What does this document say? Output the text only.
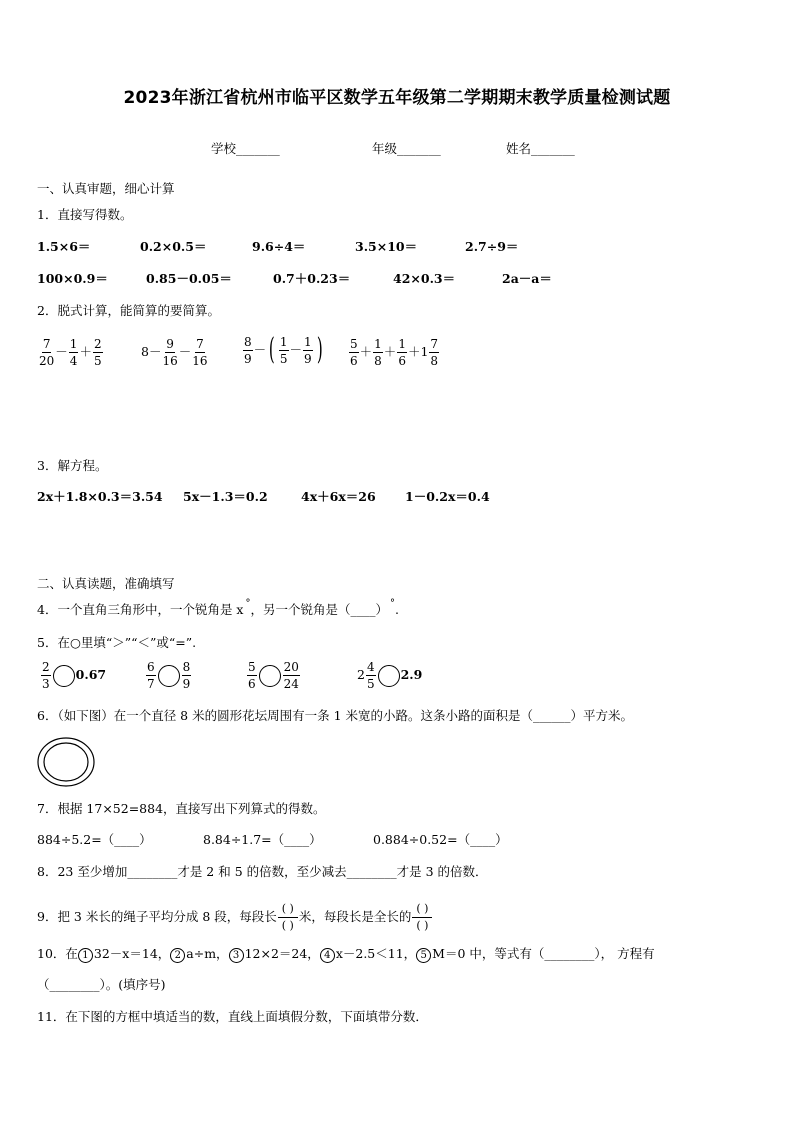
2023年浙江省杭州市临平区数学五年级第二学期期末教学质量检测试题
学校_______	年级_______	姓名_______
一、认真审题，细心计算
1．直接写得数。
1.5×6＝	0.2×0.5＝	9.6÷4＝	3.5×10＝	2.7÷9＝
100×0.9＝	0.85－0.05＝	0.7＋0.23＝	42×0.3＝	2a－a＝
2．脱式计算，能简算的要简算。
$\frac{7}{20} - \frac{1}{4} + \frac{2}{5}$	$8- \frac{9}{16} - \frac{7}{16}$	$\frac{8}{9}$ － ( $\frac{1}{5} - \frac{1}{9}$ ) $\frac{5}{6} + \frac{1}{8} + \frac{1}{6} +1 \frac{7}{8}$
3．解方程。
2x＋1.8×0.3＝3.54 5x－1.3＝0.2	4x＋6x＝26 1－0.2x＝0.4
二、认真读题，准确填写
4．一个直角三角形中，一个锐角是 x °，另一个锐角是（____） °.
5．在○里填“＞”“＜”或“=”.
$\frac{2}{3} 0.67$	$\frac{6}{7} \frac{8}{9}$	$\frac{5}{6} \frac{20}{24}$	$2 \frac{4}{5} 2.9$
6．（如下图）在一个直径 8 米的圆形花坛周围有一条 1 米宽的小路。这条小路的面积是（______）平方米。
7．根据 17×52=884，直接写出下列算式的得数。
884÷5.2=（____）	8.84÷1.7=（____）	0.884÷0.52=（____）
8．23 至少增加________才是 2 和 5 的倍数，至少减去________才是 3 的倍数．
9．把 3 米长的绳子平均分成 8 段，每段长 $\frac{( )}{( )}$ 米，每段长是全长的 $\frac{( )}{( )}$
10．在 1 32－x＝14， 2 a÷m， 3 12×2＝24， 4 x－2.5＜11， 5 M＝0 中，等式有（________）， 方程有
（________）。(填序号)
11．在下图的方框中填适当的数，直线上面填假分数，下面填带分数．
